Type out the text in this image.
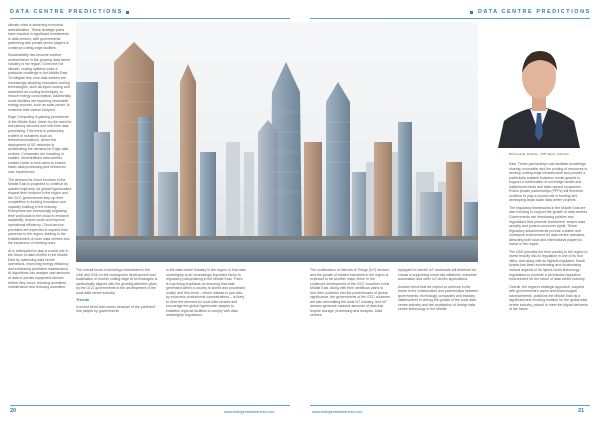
DATA CENTRE PREDICTIONS	DATA CENTRE PREDICTIONS

climate crisis is achieving economic diversification. These strategic plans have resulted in significant investments in data centres, with governments partnering with private sector players to construct cutting-edge facilities.

Sustainability has become another central theme in the growing data centre industry in the region. Given the hot climate, cooling systems pose a particular challenge in the Middle East. To mitigate this, new data centres are increasingly adopting innovative cooling technologies, such as liquid cooling and advanced air-cooling techniques, to reduce energy consumption. Additionally, some facilities are exploring renewable energy sources, such as solar power, to minimise their carbon footprint.

Edge Computing is gaining prominence in the Middle East, driven by the need for low-latency services and real-time data processing. This trend is particularly evident in industries such as telecommunications, where the deployment of 5G networks is accelerating the demand for Edge data centres. Companies are investing in smaller, decentralised data centres located closer to end-users to ensure faster data processing and enhanced user experiences.

The demand for cloud services in the Middle East is projected to continue its upward trajectory, as global hyperscalers expand their footprint in the region and the GCC governments step-up their competition in funding innovation and capacity building in the industry. Enterprises are increasingly migrating their workloads to the cloud to enhance scalability, reduce costs and improve operational efficiency. Cloud service providers are expected to expand their presence in the region, leading to the establishment of more data centres and the expansion of existing ones.

AI is anticipated to play a crucial role in the future of data centres in the Middle East by optimising data centre operations, improving energy efficiency and enhancing predictive maintenance. AI algorithms can analyse vast amounts of data to predict equipment failures before they occur, reducing downtime, maintenance and reducing downtime.

Bob Founds, Director – TMT, Booz, Johnston

East. These partnerships can facilitate knowledge sharing, innovation and the pooling of resources to develop cutting-edge infrastructure and provide a particularly suitable business model geared to support a combination of sovereign wealth and institutional funds and state-owned companies. Public-private partnerships (PPPs) will therefore continue to play a crucial role in funding and developing large-scale data centre projects.

The regulatory frameworks in the Middle East are also evolving to support the growth of data centres. Governments are introducing policies and regulations that promote investment, ensure data security and protect consumer rights. These regulatory advancements provide a stable and conducive environment for data centre operators, attracting both local and international players to invest in the region.

The UAE provides the best country in the region to invest heavily into AI regulation in one of its four cities, and along with its highest-regulated, Saudi Arabia has been accelerating and modernising various aspects of its hybrid-cloud technology regulations to promote a permissive regulation environment for the future of data centre industry.

Overall, the region's strategic approach, coupled with governments's vision and technological advancements, positions the Middle East as a significant and evolving location for the global data centre industry, poised to meet the digital demands of the future.

The overall focus of sovereign investment in the UAE and KSA on the homegrown development and localisation of frontier cutting edge AI technologies is symbolically aligned with the growing attention given by the GCC governments to the development of the local data centre industry.

Trends

A recent trend that comes because of the preferred role played by governments

in the data centre industry in the region, is that data sovereignty is an increasingly important factor in regulatory policymaking in the Middle East. There is a growing emphasis on ensuring that data generated within a country is stored and processed locally, and this trend – driven instead in part also by economic protectionist considerations – is likely to drive the demand for local data centres and encourage the global hyperscaler players to establish regional facilities to comply with data sovereignty regulations.

The continuation of Internet of Things (IoT) devices and the growth of related industries in the region is expected to be another major driver in the continued development of the GCC countries in the Middle East. Along with their ambitious plans to turn their countries into the powerhouses of global significance, the governments of the GCC countries are also stimulating the local IoT industry, and IoT devices generate massive amounts of data that require storage, processing and analysis. Data centres

equipped to handle IoT workloads will therefore be crucial in supporting smart city initiatives, industrial automation and other IoT-driven applications.

Another trend that we expect to continue in the future is the collaboration and partnerships between governments, technology companies and industry stakeholders in driving the growth of the local data centre industry and the localisation of foreign data centre technology in the Middle

20	www.intelligentdatacentres.com	www.intelligentdatacentres.com	21
